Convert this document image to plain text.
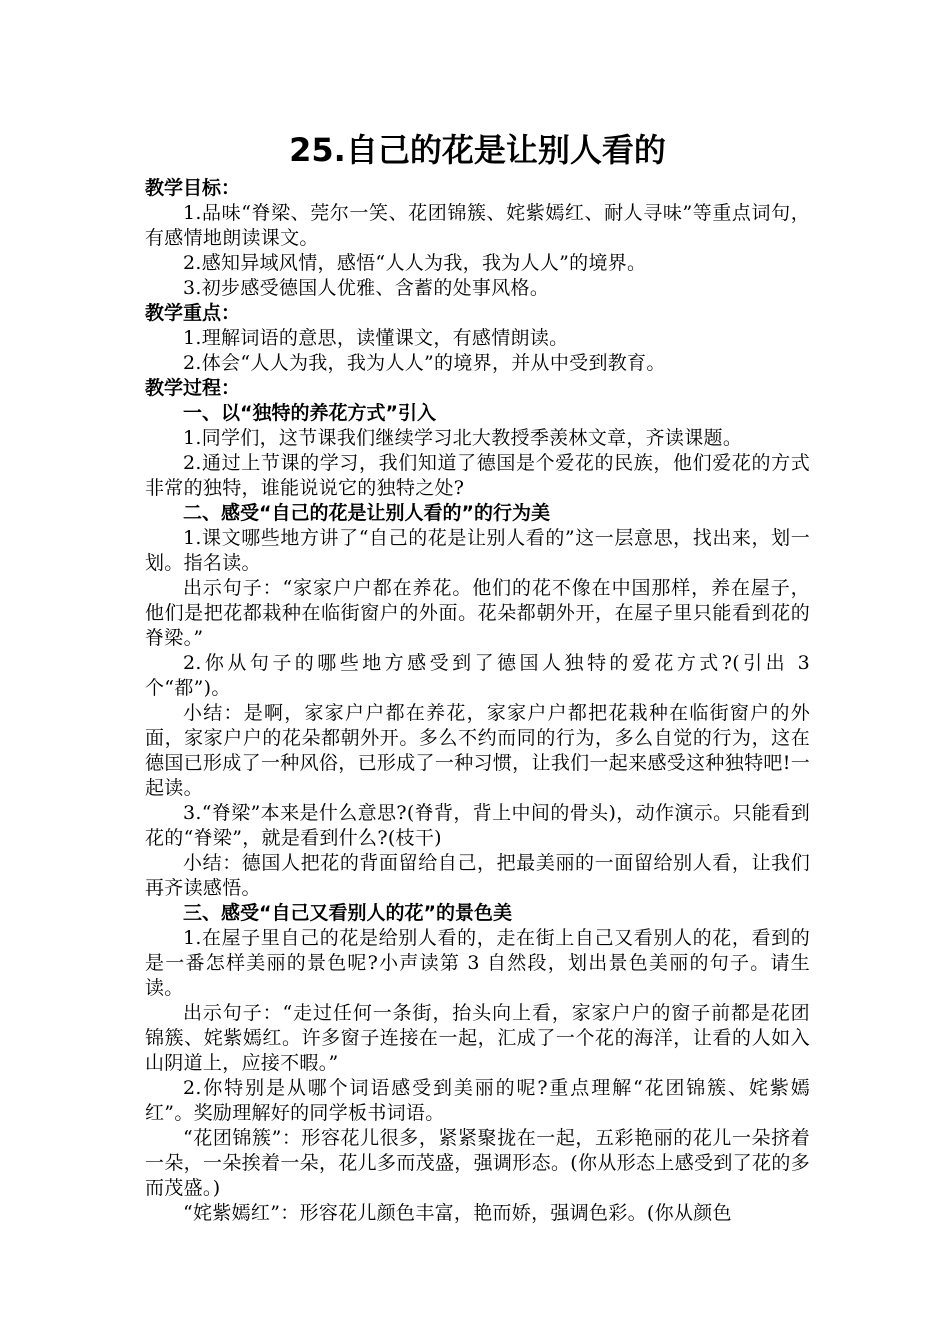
25.自己的花是让别人看的

教学目标：

1.品味“脊梁、莞尔一笑、花团锦簇、姹紫嫣红、耐人寻味”等重点词句，有感情地朗读课文。

2.感知异域风情，感悟“人人为我，我为人人”的境界。

3.初步感受德国人优雅、含蓄的处事风格。

教学重点：

1.理解词语的意思，读懂课文，有感情朗读。

2.体会“人人为我，我为人人”的境界，并从中受到教育。

教学过程：

一、以“独特的养花方式”引入

1.同学们，这节课我们继续学习北大教授季羡林文章，齐读课题。

2.通过上节课的学习，我们知道了德国是个爱花的民族，他们爱花的方式非常的独特，谁能说说它的独特之处?

二、感受“自己的花是让别人看的”的行为美

1.课文哪些地方讲了“自己的花是让别人看的”这一层意思，找出来，划一划。指名读。

出示句子：“家家户户都在养花。他们的花不像在中国那样，养在屋子，他们是把花都栽种在临街窗户的外面。花朵都朝外开，在屋子里只能看到花的脊梁。”

2.你从句子的哪些地方感受到了德国人独特的爱花方式?(引出 3 个“都”)。

小结：是啊，家家户户都在养花，家家户户都把花栽种在临街窗户的外面，家家户户的花朵都朝外开。多么不约而同的行为，多么自觉的行为，这在德国已形成了一种风俗，已形成了一种习惯，让我们一起来感受这种独特吧!一起读。

3.“脊梁”本来是什么意思?(脊背，背上中间的骨头)，动作演示。只能看到花的“脊梁”，就是看到什么?(枝干)

小结：德国人把花的背面留给自己，把最美丽的一面留给别人看，让我们再齐读感悟。

三、感受“自己又看别人的花”的景色美

1.在屋子里自己的花是给别人看的，走在街上自己又看别人的花，看到的是一番怎样美丽的景色呢?小声读第 3 自然段，划出景色美丽的句子。请生读。

出示句子：“走过任何一条街，抬头向上看，家家户户的窗子前都是花团锦簇、姹紫嫣红。许多窗子连接在一起，汇成了一个花的海洋，让看的人如入山阴道上，应接不暇。”

2.你特别是从哪个词语感受到美丽的呢?重点理解“花团锦簇、姹紫嫣红”。奖励理解好的同学板书词语。

“花团锦簇”：形容花儿很多，紧紧聚拢在一起，五彩艳丽的花儿一朵挤着一朵，一朵挨着一朵，花儿多而茂盛，强调形态。(你从形态上感受到了花的多而茂盛。)

“姹紫嫣红”：形容花儿颜色丰富，艳而娇，强调色彩。(你从颜色
